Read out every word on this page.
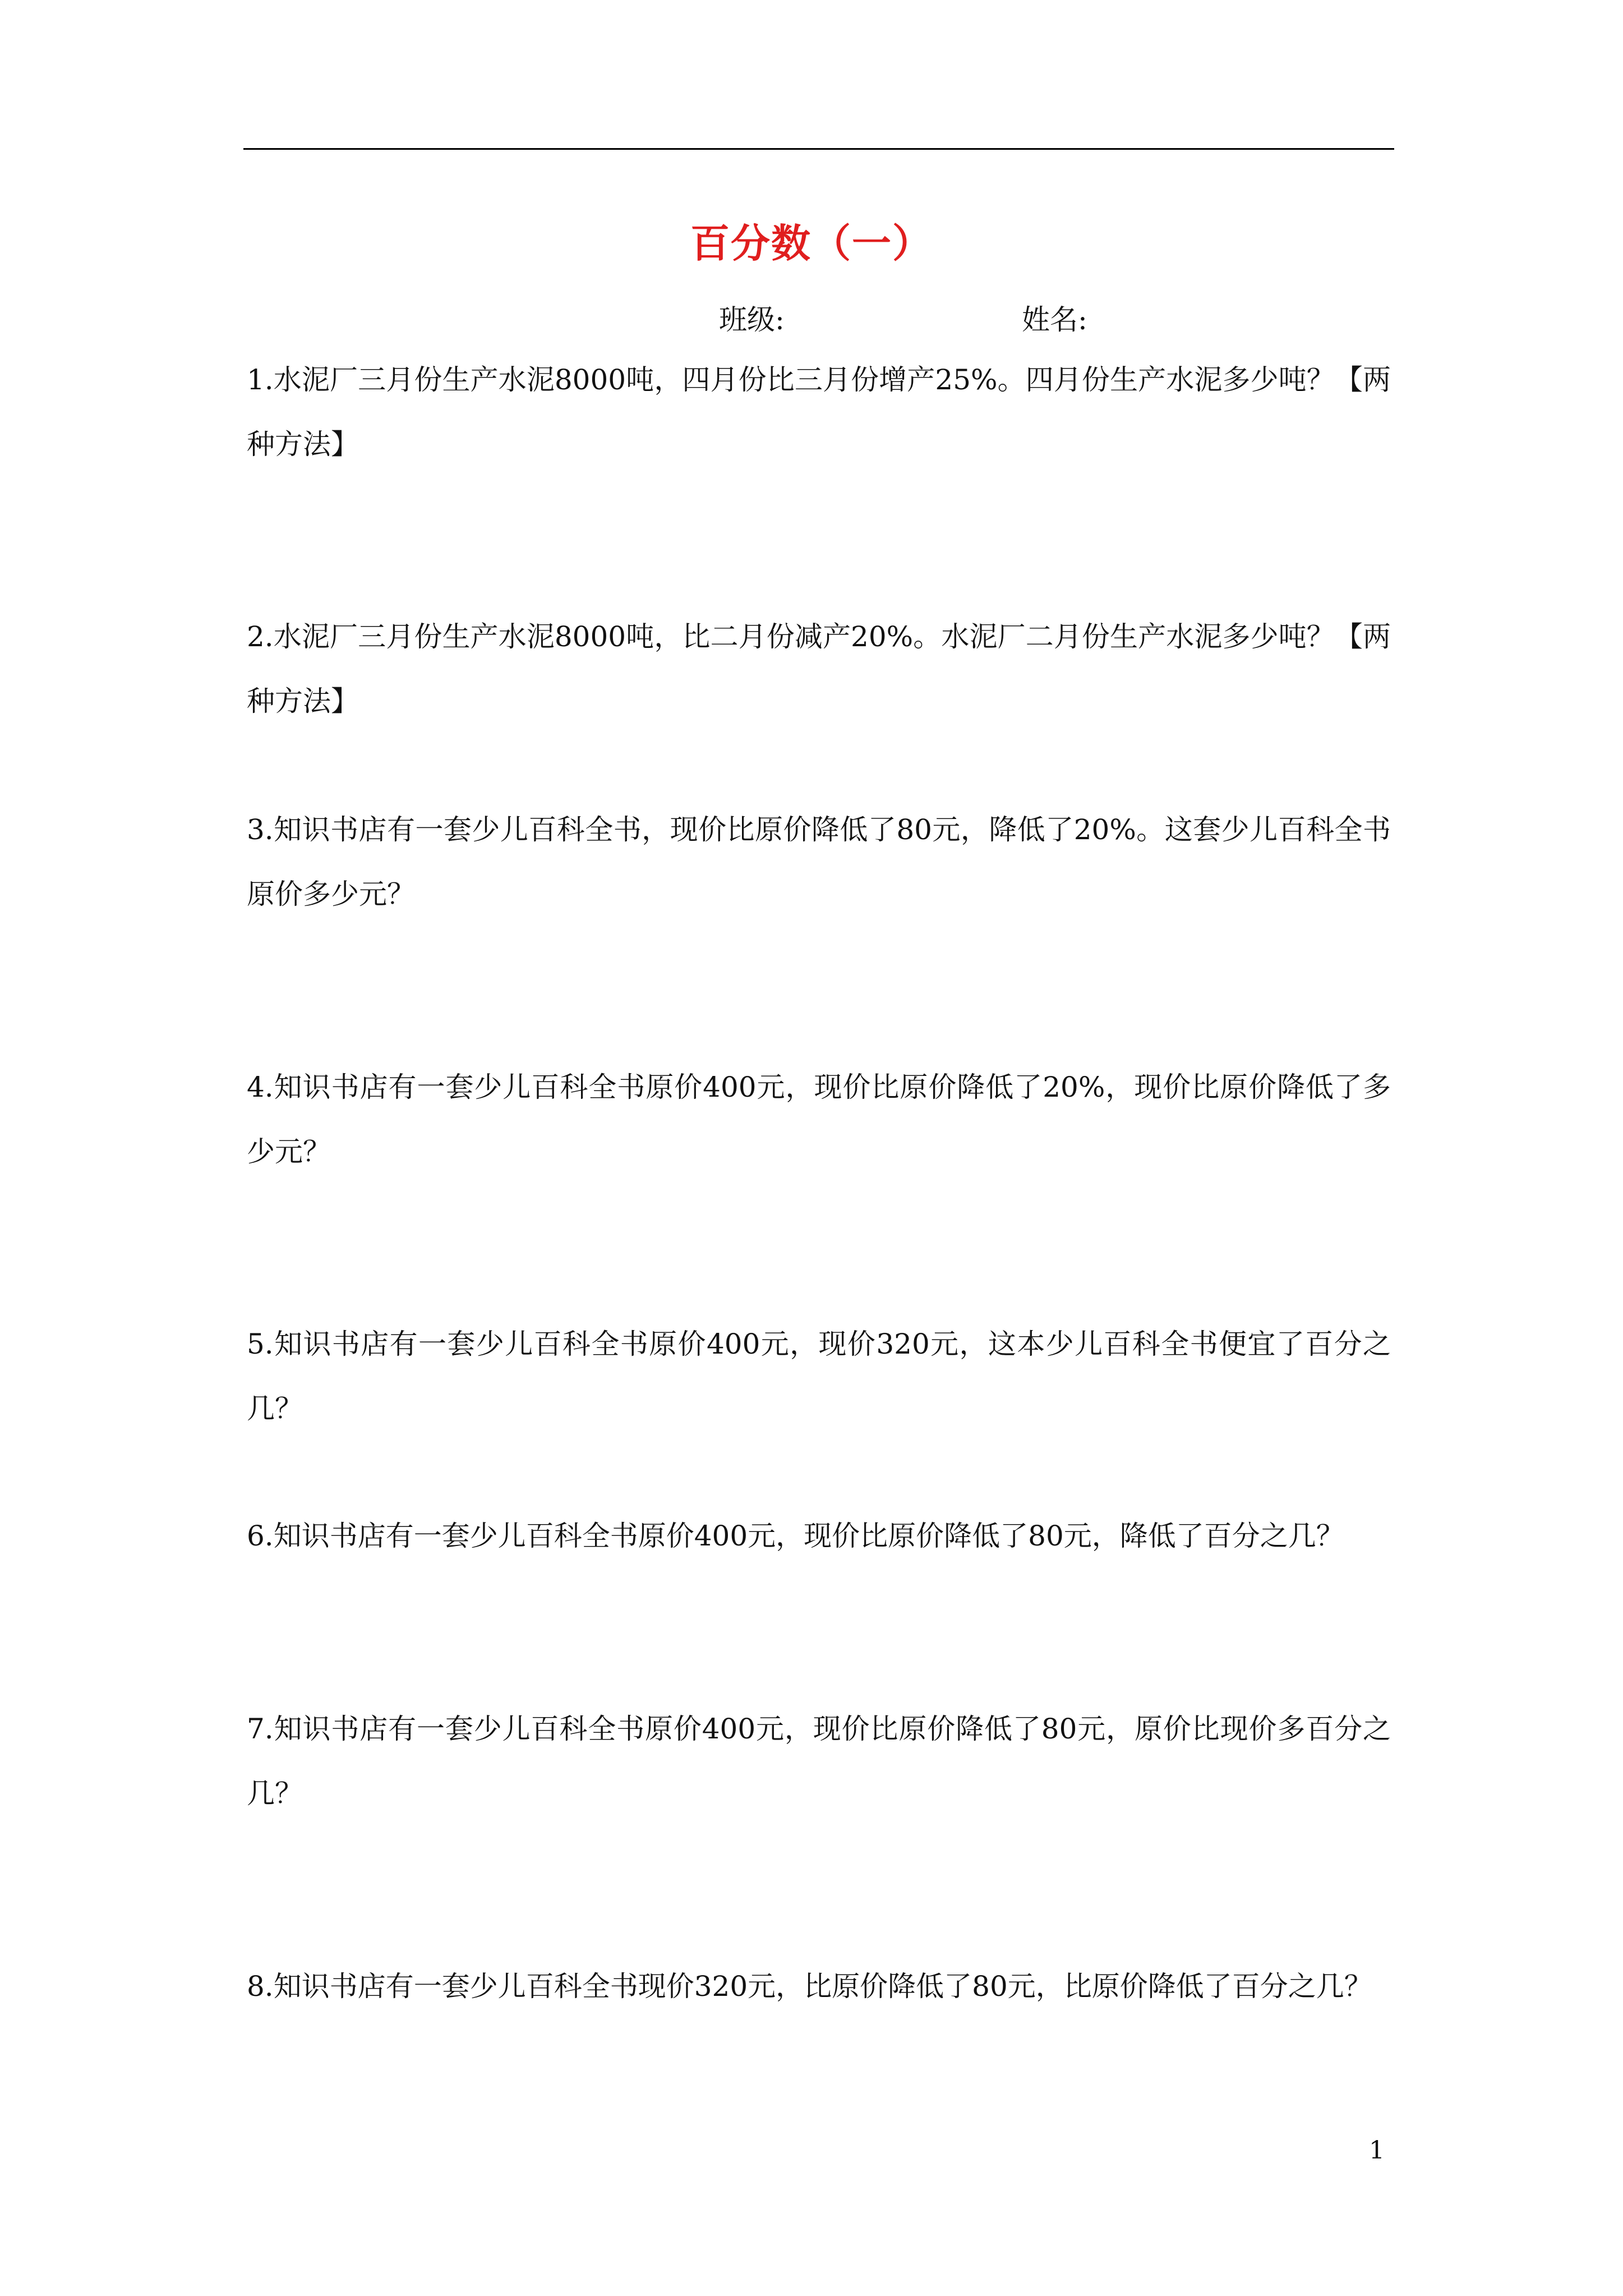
百分数（一）
班级:	姓名:

1.水泥厂三月份生产水泥8000吨，四月份比三月份增产25%。四月份生产水泥多少吨？【两种方法】

2.水泥厂三月份生产水泥8000吨，比二月份减产20%。水泥厂二月份生产水泥多少吨？【两种方法】

3.知识书店有一套少儿百科全书，现价比原价降低了80元，降低了20%。这套少儿百科全书原价多少元？

4.知识书店有一套少儿百科全书原价400元，现价比原价降低了20%，现价比原价降低了多少元？

5.知识书店有一套少儿百科全书原价400元，现价320元，这本少儿百科全书便宜了百分之几？

6.知识书店有一套少儿百科全书原价400元，现价比原价降低了80元，降低了百分之几？

7.知识书店有一套少儿百科全书原价400元，现价比原价降低了80元，原价比现价多百分之几？

8.知识书店有一套少儿百科全书现价320元，比原价降低了80元，比原价降低了百分之几？

1
